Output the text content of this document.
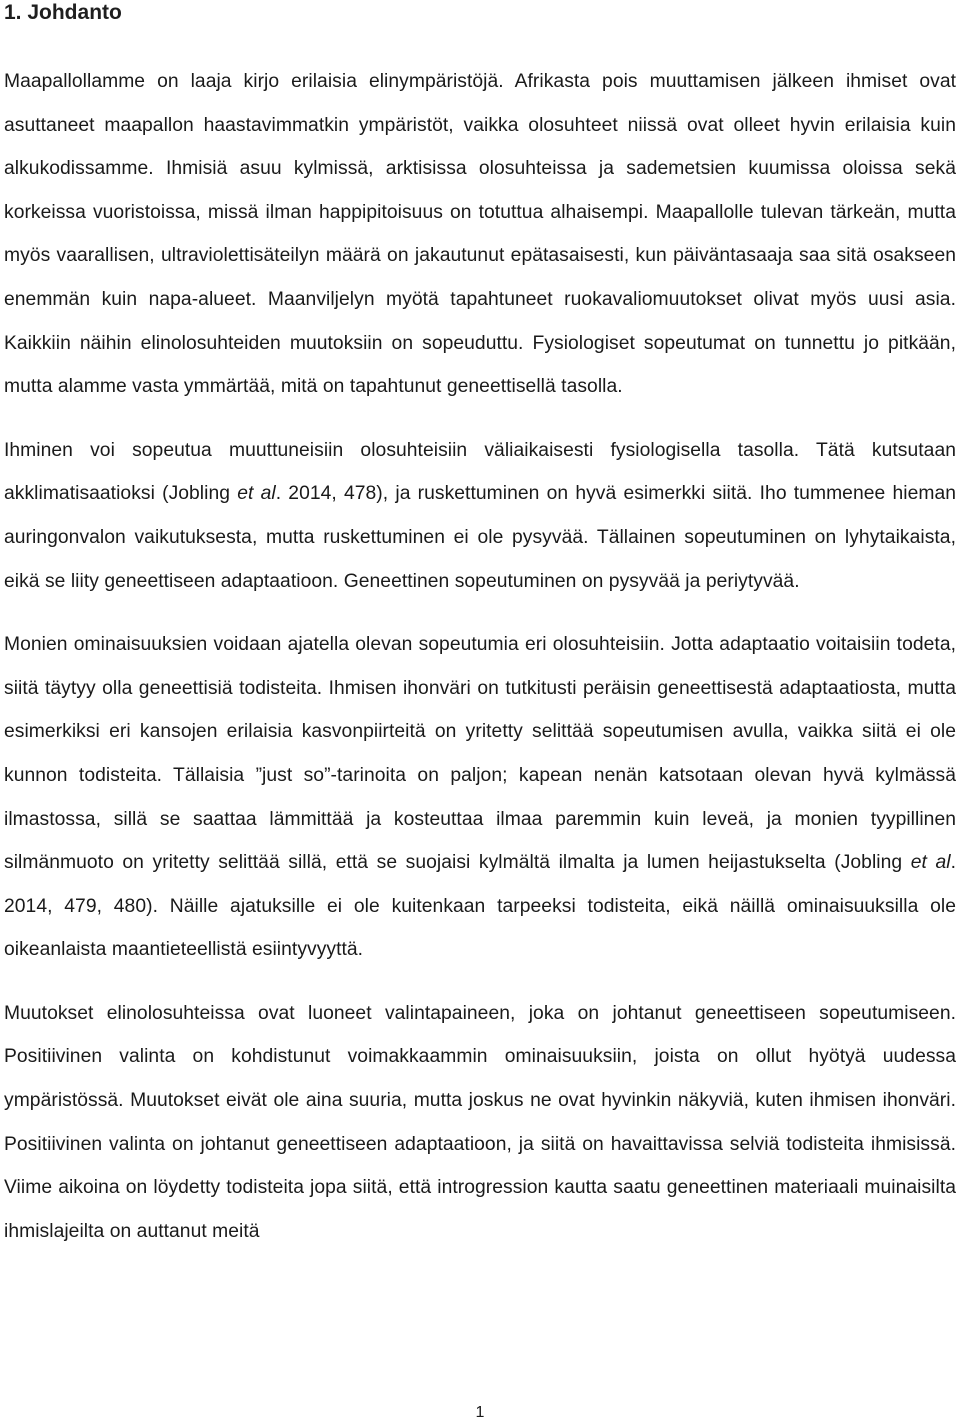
1. Johdanto

Maapallollamme on laaja kirjo erilaisia elinympäristöjä. Afrikasta pois muuttamisen jälkeen ihmiset ovat asuttaneet maapallon haastavimmatkin ympäristöt, vaikka olosuhteet niissä ovat olleet hyvin erilaisia kuin alkukodissamme. Ihmisiä asuu kylmissä, arktisissa olosuhteissa ja sademetsien kuumissa oloissa sekä korkeissa vuoristoissa, missä ilman happipitoisuus on totuttua alhaisempi. Maapallolle tulevan tärkeän, mutta myös vaarallisen, ultraviolettisäteilyn määrä on jakautunut epätasaisesti, kun päiväntasaaja saa sitä osakseen enemmän kuin napa-alueet. Maanviljelyn myötä tapahtuneet ruokavaliomuutokset olivat myös uusi asia. Kaikkiin näihin elinolosuhteiden muutoksiin on sopeuduttu. Fysiologiset sopeutumat on tunnettu jo pitkään, mutta alamme vasta ymmärtää, mitä on tapahtunut geneettisellä tasolla.

Ihminen voi sopeutua muuttuneisiin olosuhteisiin väliaikaisesti fysiologisella tasolla. Tätä kutsutaan akklimatisaatioksi (Jobling et al. 2014, 478), ja ruskettuminen on hyvä esimerkki siitä. Iho tummenee hieman auringonvalon vaikutuksesta, mutta ruskettuminen ei ole pysyvää. Tällainen sopeutuminen on lyhytaikaista, eikä se liity geneettiseen adaptaatioon. Geneettinen sopeutuminen on pysyvää ja periytyvää.

Monien ominaisuuksien voidaan ajatella olevan sopeutumia eri olosuhteisiin. Jotta adaptaatio voitaisiin todeta, siitä täytyy olla geneettisiä todisteita. Ihmisen ihonväri on tutkitusti peräisin geneettisestä adaptaatiosta, mutta esimerkiksi eri kansojen erilaisia kasvonpiirteitä on yritetty selittää sopeutumisen avulla, vaikka siitä ei ole kunnon todisteita. Tällaisia ”just so”-tarinoita on paljon; kapean nenän katsotaan olevan hyvä kylmässä ilmastossa, sillä se saattaa lämmittää ja kosteuttaa ilmaa paremmin kuin leveä, ja monien tyypillinen silmänmuoto on yritetty selittää sillä, että se suojaisi kylmältä ilmalta ja lumen heijastukselta (Jobling et al. 2014, 479, 480). Näille ajatuksille ei ole kuitenkaan tarpeeksi todisteita, eikä näillä ominaisuuksilla ole oikeanlaista maantieteellistä esiintyvyyttä.

Muutokset elinolosuhteissa ovat luoneet valintapaineen, joka on johtanut geneettiseen sopeutumiseen. Positiivinen valinta on kohdistunut voimakkaammin ominaisuuksiin, joista on ollut hyötyä uudessa ympäristössä. Muutokset eivät ole aina suuria, mutta joskus ne ovat hyvinkin näkyviä, kuten ihmisen ihonväri. Positiivinen valinta on johtanut geneettiseen adaptaatioon, ja siitä on havaittavissa selviä todisteita ihmisissä. Viime aikoina on löydetty todisteita jopa siitä, että introgression kautta saatu geneettinen materiaali muinaisilta ihmislajeilta on auttanut meitä

1
